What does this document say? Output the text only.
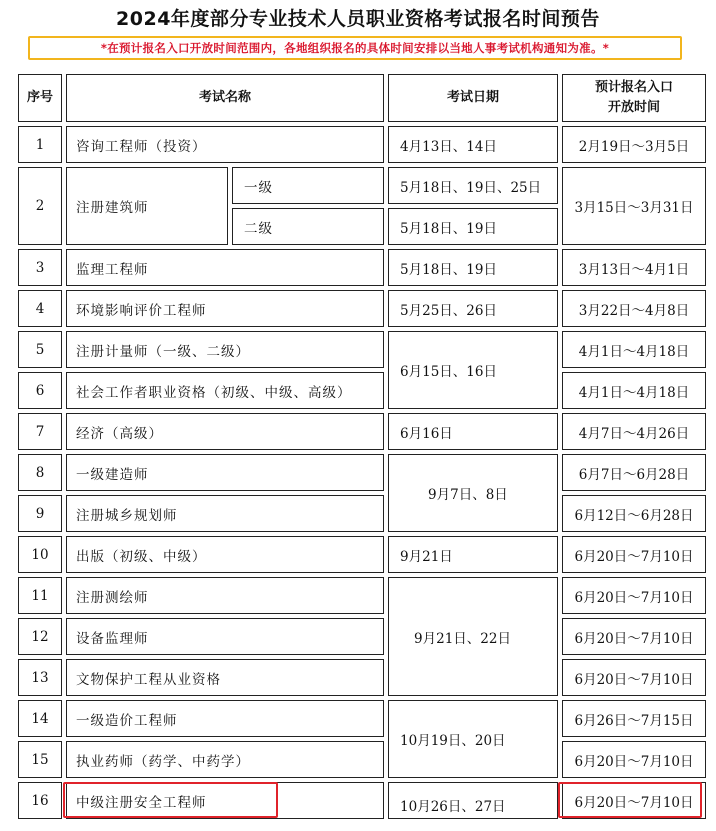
2024年度部分专业技术人员职业资格考试报名时间预告
*在预计报名入口开放时间范围内，各地组织报名的具体时间安排以当地人事考试机构通知为准。*
序号	考试名称		考试日期	预计报名入口开放时间
1	咨询工程师（投资）		4月13日、14日	2月19日～3月5日
2	注册建筑师	一级	5月18日、19日、25日	3月15日～3月31日
		二级	5月18日、19日	
3	监理工程师		5月18日、19日	3月13日～4月1日
4	环境影响评价工程师		5月25日、26日	3月22日～4月8日
5	注册计量师（一级、二级）		6月15日、16日	4月1日～4月18日
6	社会工作者职业资格（初级、中级、高级）			4月1日～4月18日
7	经济（高级）		6月16日	4月7日～4月26日
8	一级建造师		9月7日、8日	6月7日～6月28日
9	注册城乡规划师			6月12日～6月28日
10	出版（初级、中级）		9月21日	6月20日～7月10日
11	注册测绘师		9月21日、22日	6月20日～7月10日
12	设备监理师			6月20日～7月10日
13	文物保护工程从业资格			6月20日～7月10日
14	一级造价工程师		10月19日、20日	6月26日～7月15日
15	执业药师（药学、中药学）			6月20日～7月10日
16	中级注册安全工程师		10月26日、27日	6月20日～7月10日
